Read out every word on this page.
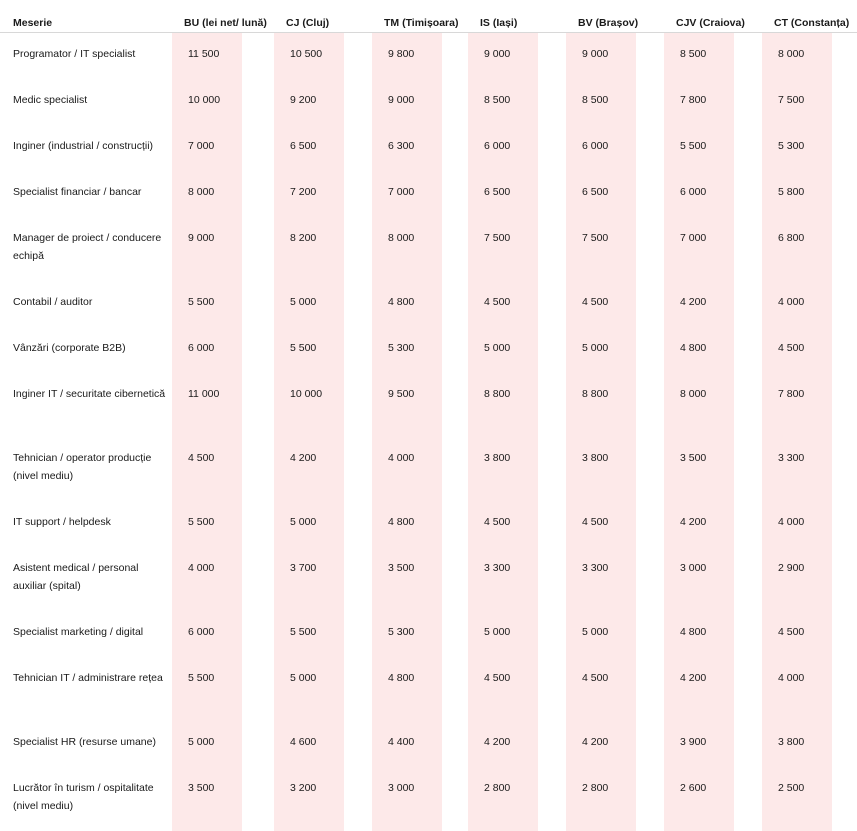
Meserie	BU (lei net/ lună)	CJ (Cluj)	TM (Timișoara)	IS (Iași)	BV (Brașov)	CJV (Craiova)	CT (Constanța)
Programator / IT specialist	11 500	10 500	9 800	9 000	9 000	8 500	8 000

Medic specialist	10 000	9 200	9 000	8 500	8 500	7 800	7 500

Inginer (industrial / construcții)	7 000	6 500	6 300	6 000	6 000	5 500	5 300

Specialist financiar / bancar	8 000	7 200	7 000	6 500	6 500	6 000	5 800

Manager de proiect / conducere echipă	9 000	8 200	8 000	7 500	7 500	7 000	6 800

Contabil / auditor	5 500	5 000	4 800	4 500	4 500	4 200	4 000

Vânzări (corporate B2B)	6 000	5 500	5 300	5 000	5 000	4 800	4 500

Inginer IT / securitate cibernetică	11 000	10 000	9 500	8 800	8 800	8 000	7 800

Tehnician / operator producție (nivel mediu)	4 500	4 200	4 000	3 800	3 800	3 500	3 300

IT support / helpdesk	5 500	5 000	4 800	4 500	4 500	4 200	4 000

Asistent medical / personal auxiliar (spital)	4 000	3 700	3 500	3 300	3 300	3 000	2 900

Specialist marketing / digital	6 000	5 500	5 300	5 000	5 000	4 800	4 500

Tehnician IT / administrare rețea	5 500	5 000	4 800	4 500	4 500	4 200	4 000

Specialist HR (resurse umane)	5 000	4 600	4 400	4 200	4 200	3 900	3 800

Lucrător în turism / ospitalitate (nivel mediu)	3 500	3 200	3 000	2 800	2 800	2 600	2 500
